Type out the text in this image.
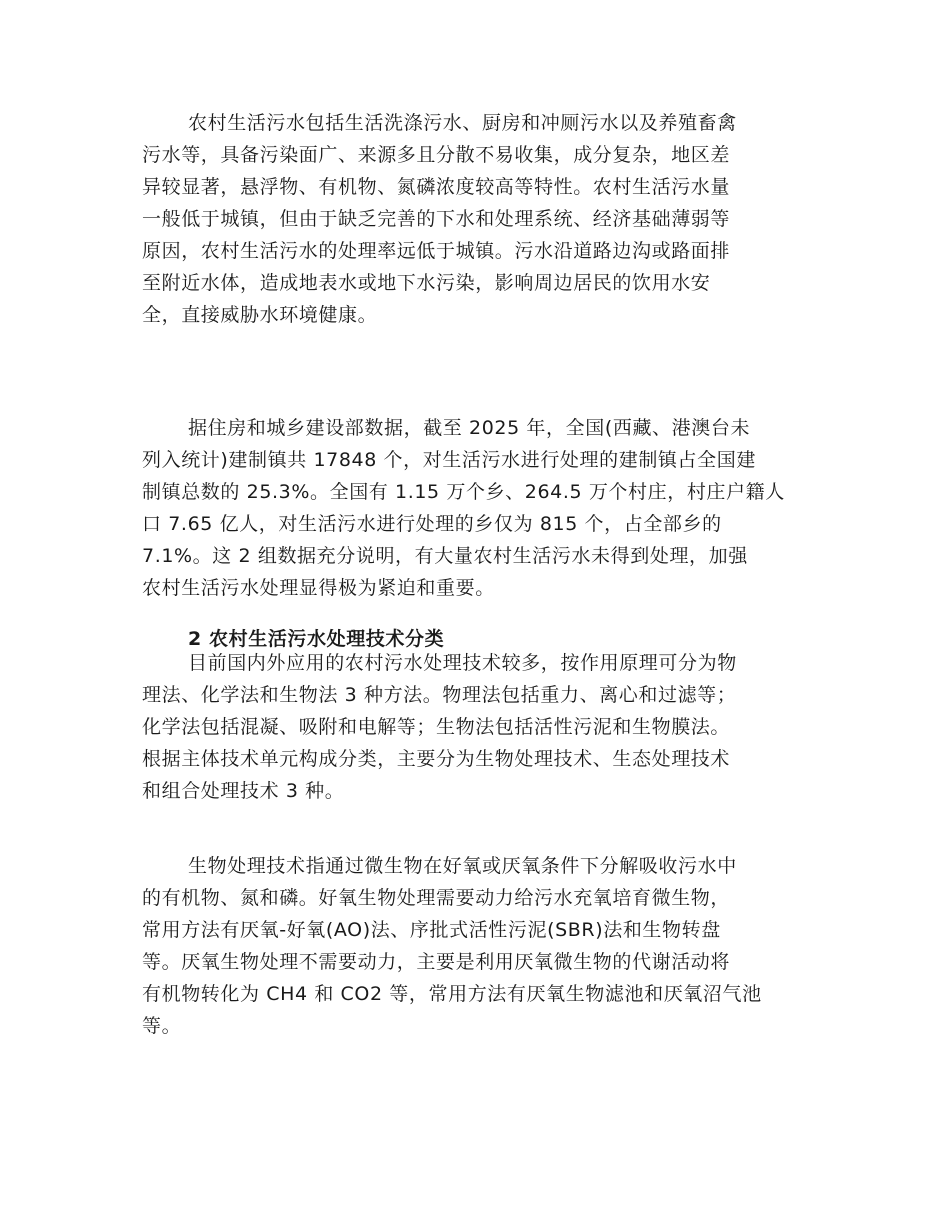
农村生活污水包括生活洗涤污水、厨房和冲厕污水以及养殖畜禽
污水等，具备污染面广、来源多且分散不易收集，成分复杂，地区差
异较显著，悬浮物、有机物、氮磷浓度较高等特性。农村生活污水量
一般低于城镇，但由于缺乏完善的下水和处理系统、经济基础薄弱等
原因，农村生活污水的处理率远低于城镇。污水沿道路边沟或路面排
至附近水体，造成地表水或地下水污染，影响周边居民的饮用水安
全，直接威胁水环境健康。

据住房和城乡建设部数据，截至 2025 年，全国(西藏、港澳台未
列入统计)建制镇共 17848 个，对生活污水进行处理的建制镇占全国建
制镇总数的 25.3%。全国有 1.15 万个乡、264.5 万个村庄，村庄户籍人
口 7.65 亿人，对生活污水进行处理的乡仅为 815 个，占全部乡的
7.1%。这 2 组数据充分说明，有大量农村生活污水未得到处理，加强
农村生活污水处理显得极为紧迫和重要。

2 农村生活污水处理技术分类

目前国内外应用的农村污水处理技术较多，按作用原理可分为物
理法、化学法和生物法 3 种方法。物理法包括重力、离心和过滤等；
化学法包括混凝、吸附和电解等；生物法包括活性污泥和生物膜法。
根据主体技术单元构成分类，主要分为生物处理技术、生态处理技术
和组合处理技术 3 种。

生物处理技术指通过微生物在好氧或厌氧条件下分解吸收污水中
的有机物、氮和磷。好氧生物处理需要动力给污水充氧培育微生物，
常用方法有厌氧-好氧(AO)法、序批式活性污泥(SBR)法和生物转盘
等。厌氧生物处理不需要动力，主要是利用厌氧微生物的代谢活动将
有机物转化为 CH4 和 CO2 等，常用方法有厌氧生物滤池和厌氧沼气池
等。
